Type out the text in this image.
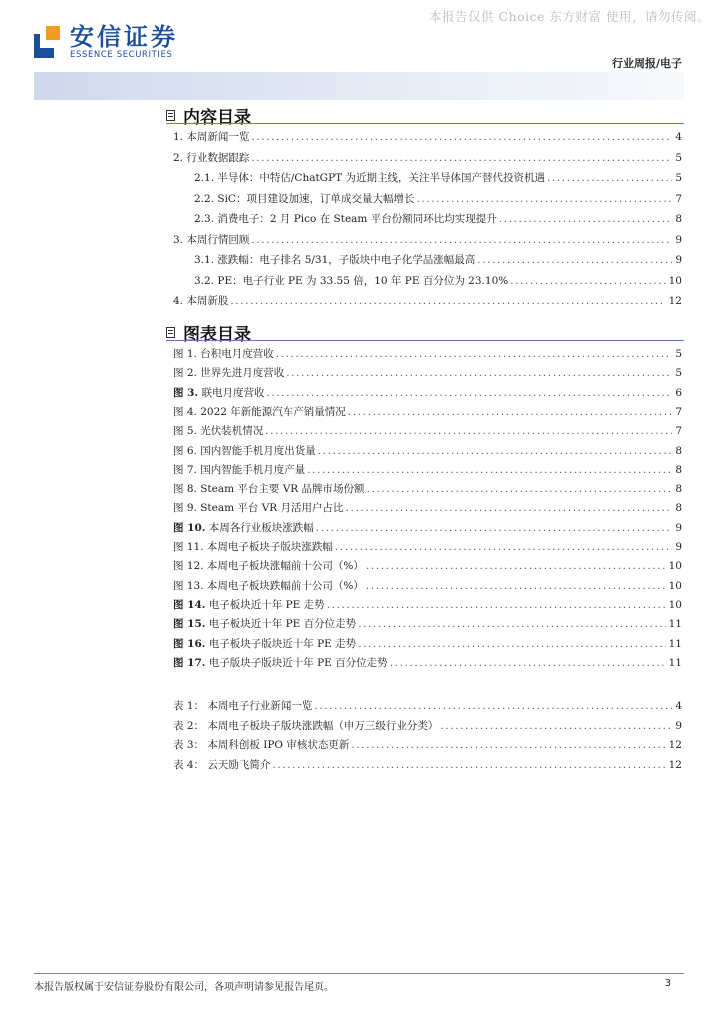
本报告仅供 Choice 东方财富 使用，请勿传阅。
安信证券
ESSENCE SECURITIES
行业周报/电子
内容目录
1. 本周新闻一览 .....	4
2. 行业数据跟踪 .....	5
2.1. 半导体：中特估/ChatGPT 为近期主线，关注半导体国产替代投资机遇 .....	5
2.2. SiC：项目建设加速，订单成交量大幅增长 .....	7
2.3. 消费电子：2 月 Pico 在 Steam 平台份额同环比均实现提升 .....	8
3. 本周行情回顾 .....	9
3.1. 涨跌幅：电子排名 5/31，子版块中电子化学品涨幅最高 .....	9
3.2. PE：电子行业 PE 为 33.55 倍，10 年 PE 百分位为 23.10% .....	10
4. 本周新股 .....	12
图表目录
图 1. 台积电月度营收 .....	5
图 2. 世界先进月度营收 .....	5
图 3. 联电月度营收 .....	6
图 4. 2022 年新能源汽车产销量情况 .....	7
图 5. 光伏装机情况 .....	7
图 6. 国内智能手机月度出货量 .....	8
图 7. 国内智能手机月度产量 .....	8
图 8. Steam 平台主要 VR 品牌市场份额 .....	8
图 9. Steam 平台 VR 月活用户占比 .....	8
图 10. 本周各行业板块涨跌幅 .....	9
图 11. 本周电子板块子版块涨跌幅 .....	9
图 12. 本周电子板块涨幅前十公司（%） .....	10
图 13. 本周电子板块跌幅前十公司（%） .....	10
图 14. 电子板块近十年 PE 走势 .....	10
图 15. 电子板块近十年 PE 百分位走势 .....	11
图 16. 电子板块子版块近十年 PE 走势 .....	11
图 17. 电子版块子版块近十年 PE 百分位走势 .....	11
表 1： 本周电子行业新闻一览 .....	4
表 2： 本周电子板块子版块涨跌幅（申万三级行业分类） .....	9
表 3： 本周科创板 IPO 审核状态更新 .....	12
表 4： 云天励飞简介 .....	12
本报告版权属于安信证券股份有限公司，各项声明请参见报告尾页。	3
